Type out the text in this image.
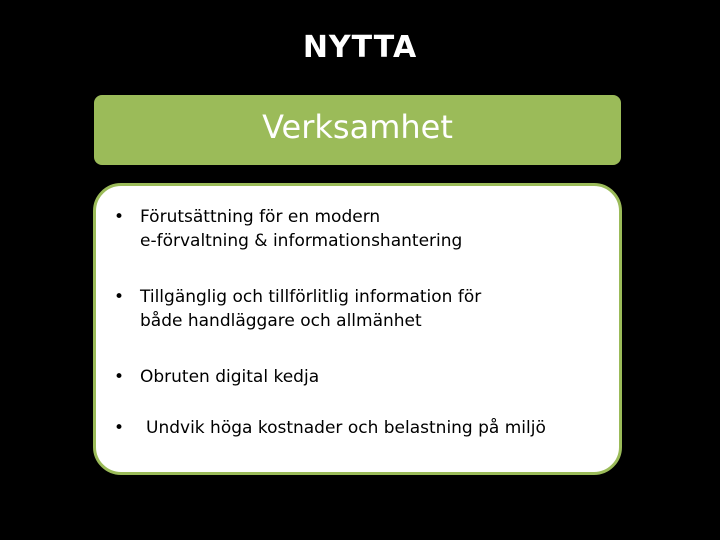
NYTTA
Verksamhet
• Förutsättning för en modern
e-förvaltning & informationshantering
• Tillgänglig och tillförlitlig information för
både handläggare och allmänhet
• Obruten digital kedja
•	Undvik höga kostnader och belastning på miljö
